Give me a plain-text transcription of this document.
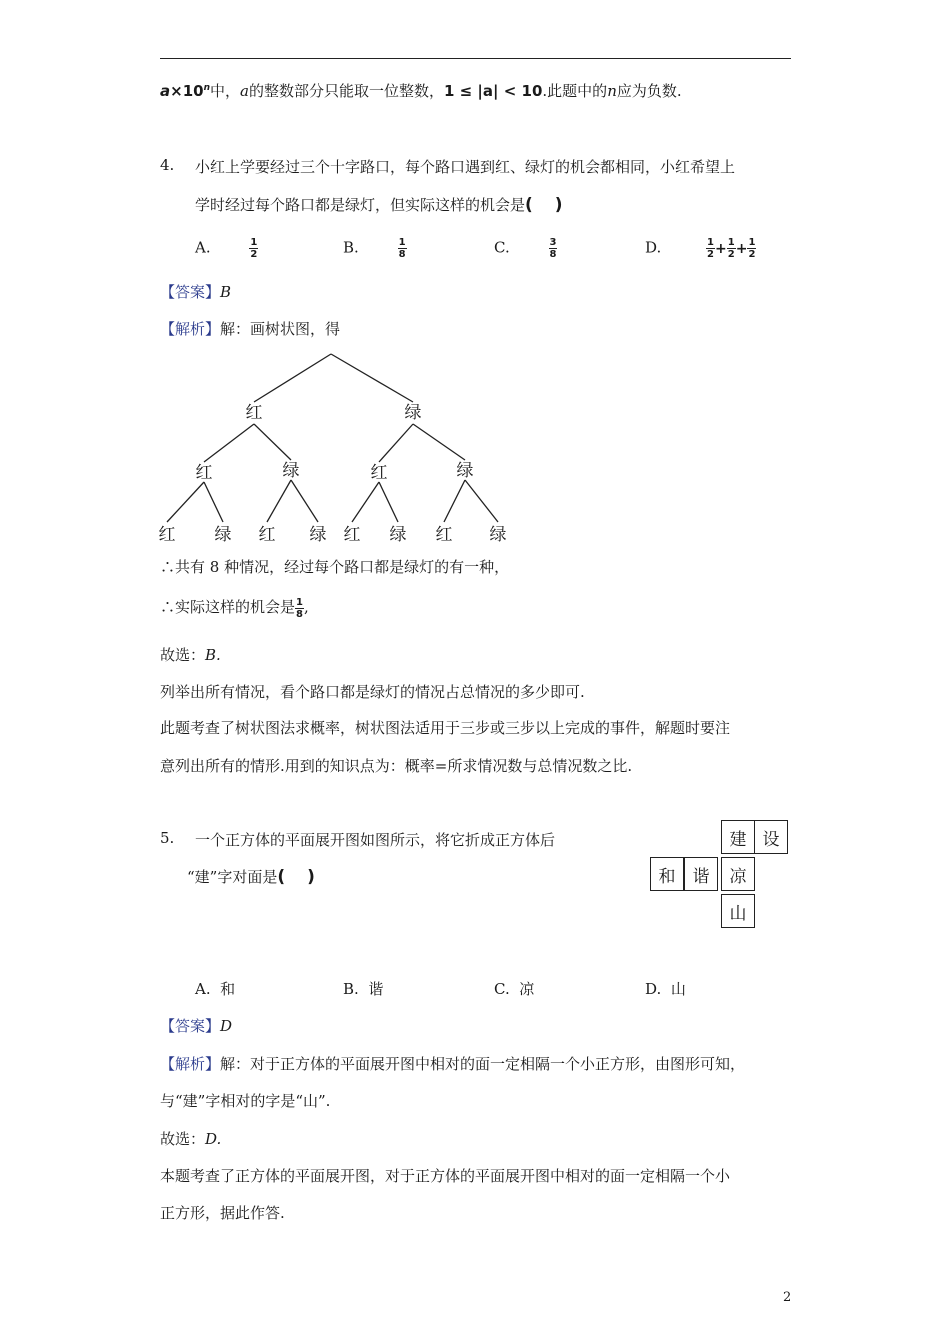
$a\times 10^n$中，a的整数部分只能取一位整数，1 ≤ |a| < 10.此题中的n应为负数.
4. 小红上学要经过三个十字路口，每个路口遇到红、绿灯的机会都相同，小红希望上
学时经过每个路口都是绿灯，但实际这样的机会是( )
A.	$\frac{1}{2}$	B.	$\frac{1}{8}$	C.	$\frac{3}{8}$	D.	$\frac{1}{2} + \frac{1}{2} + \frac{1}{2}$
【答案】B
【解析】解：画树状图，得
红	绿
红	绿	红	绿
红 绿 红 绿 红 绿 红 绿
∴共有 8 种情况，经过每个路口都是绿灯的有一种，
∴实际这样的机会是 $\frac{1}{8}$ ,
故选：B.
列举出所有情况，看个路口都是绿灯的情况占总情况的多少即可.
此题考查了树状图法求概率，树状图法适用于三步或三步以上完成的事件，解题时要注
意列出所有的情形.用到的知识点为：概率=所求情况数与总情况数之比.
5. 一个正方体的平面展开图如图所示，将它折成正方体后
“建”字对面是( )
建 设
和	谐	凉
山
A. 和	B. 谐	C. 凉	D. 山
【答案】D
【解析】解：对于正方体的平面展开图中相对的面一定相隔一个小正方形，由图形可知，
与“建”字相对的字是“山”.
故选：D.
本题考查了正方体的平面展开图，对于正方体的平面展开图中相对的面一定相隔一个小
正方形，据此作答.
2
